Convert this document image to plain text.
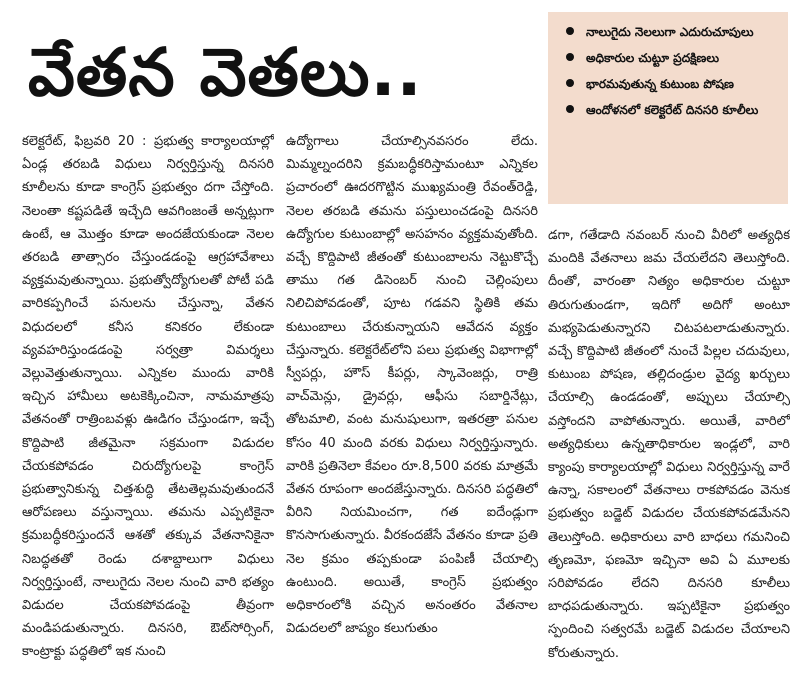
వేతన వెతలు..
నాలుగైదు నెలలుగా ఎదురుచూపులు
అధికారుల చుట్టూ ప్రదక్షిణలు
భారమవుతున్న కుటుంబ పోషణ
ఆందోళనలో కలెక్టరేట్ దినసరి కూలీలు

కలెక్టరేట్, ఫిబ్రవరి 20 : ప్రభుత్వ కార్యాలయాల్లో ఏండ్ల తరబడి విధులు నిర్వర్తిస్తున్న దినసరి కూలీలను కూడా కాంగ్రెస్ ప్రభుత్వం దగా చేస్తోంది. నెలంతా కష్టపడితే ఇచ్చేది ఆవగింజంతే అన్నట్లుగా ఉంటే, ఆ మొత్తం కూడా అందజేయకుండా నెలల తరబడి తాత్సారం చేస్తుండడంపై ఆగ్రహావేశాలు వ్యక్తమవుతున్నాయి. ప్రభుత్వోద్యోగులతో పోటీ పడి వారికప్పగించే పనులను చేస్తున్నా, వేతన విధుదలలో కనీస కనికరం లేకుండా వ్యవహరిస్తుండడంపై సర్వత్రా విమర్శలు వెల్లువెత్తుతున్నాయి. ఎన్నికల ముందు వారికి ఇచ్చిన హామీలు అటకెక్కించినా, నామమాత్రపు వేతనంతో రాత్రింబవళ్లు ఊడిగం చేస్తుండగా, ఇచ్చే కొద్దిపాటి జీతమైనా సక్రమంగా విడుదల చేయకపోవడం చిరుద్యోగులపై కాంగ్రెస్ ప్రభుత్వానికున్న చిత్తశుద్ధి తేటతెల్లమవుతుందనే ఆరోపణలు వస్తున్నాయి. తమను ఎప్పటికైనా క్రమబద్ధీకరిస్తుందనే ఆశతో తక్కువ వేతనానికైనా నిబద్ధతతో రెండు దశాబ్దాలుగా విధులు నిర్వర్తిస్తుంటే, నాలుగైదు నెలల నుంచి వారి భత్యం విడుదల చేయకపోవడంపై తీవ్రంగా మండిపడుతున్నారు. దినసరి, ఔట్‌సోర్సింగ్, కాంట్రాక్టు పద్ధతిలో ఇక నుంచి

ఉద్యోగాలు చేయాల్సినవసరం లేదు. మిమ్మల్నందరిని క్రమబద్ధీకరిస్తామంటూ ఎన్నికల ప్రచారంలో ఊదరగొట్టిన ముఖ్యమంత్రి రేవంత్‌రెడ్డి, నెలల తరబడి తమను పస్తులుంచడంపై దినసరి ఉద్యోగుల కుటుంబాల్లో అసహనం వ్యక్తమవుతోంది. వచ్చే కొద్దిపాటి జీతంతో కుటుంబాలను నెట్టుకొచ్చే తాము గత డిసెంబర్ నుంచి చెల్లింపులు నిలిచిపోవడంతో, పూట గడవని స్థితికి తమ కుటుంబాలు చేరుకున్నాయని ఆవేదన వ్యక్తం చేస్తున్నారు. కలెక్టరేట్‌లోని పలు ప్రభుత్వ విభాగాల్లో స్వీపర్లు, హౌస్ కీపర్లు, స్కావెంజర్లు, రాత్రి వాచ్‌మెన్లు, డ్రైవర్లు, ఆఫీసు సబార్డినేట్లు, తోటమాలి, వంట మనుషులుగా, ఇతరత్రా పనుల కోసం 40 మంది వరకు విధులు నిర్వర్తిస్తున్నారు. వారికి ప్రతినెలా కేవలం రూ.8,500 వరకు మాత్రమే వేతన రూపంగా అందజేస్తున్నారు. దినసరి పద్ధతిలో వీరిని నియమించగా, గత ఐదేండ్లుగా కొనసాగుతున్నారు. వీరకందజేసే వేతనం కూడా ప్రతి నెల క్రమం తప్పకుండా పంపిణీ చేయాల్సి ఉంటుంది. అయితే, కాంగ్రెస్ ప్రభుత్వం అధికారంలోకి వచ్చిన అనంతరం వేతనాల విడుదలలో జాప్యం కలుగుతుం

డగా, గతేడాది నవంబర్ నుంచి వీరిలో అత్యధిక మందికి వేతనాలు జమ చేయలేదని తెలుస్తోంది. దీంతో, వారంతా నిత్యం అధికారుల చుట్టూ తిరుగుతుండగా, ఇదిగో అదిగో అంటూ మభ్యపెడుతున్నారని చిటపటలాడుతున్నారు. వచ్చే కొద్దిపాటి జీతంలో నుంచే పిల్లల చదువులు, కుటుంబ పోషణ, తల్లిదండ్రుల వైద్య ఖర్చులు చేయాల్సి ఉండడంతో, అప్పులు చేయాల్సి వస్తోందని వాపోతున్నారు. అయితే, వారిలో అత్యధికులు ఉన్నతాధికారుల ఇండ్లలో, వారి క్యాంపు కార్యాలయాల్లో విధులు నిర్వర్తిస్తున్న వారే ఉన్నా, సకాలంలో వేతనాలు రాకపోవడం వెనుక ప్రభుత్వం బడ్జెట్ విడుదల చేయకపోవడమేనని తెలుస్తోంది. అధికారులు వారి బాధలు గమనించి తృణమో, ఫణమో ఇచ్చినా అవి ఏ మూలకు సరిపోవడం లేదని దినసరి కూలీలు బాధపడుతున్నారు. ఇప్పటికైనా ప్రభుత్వం స్పందించి సత్వరమే బడ్జెట్ విడుదల చేయాలని కోరుతున్నారు.
